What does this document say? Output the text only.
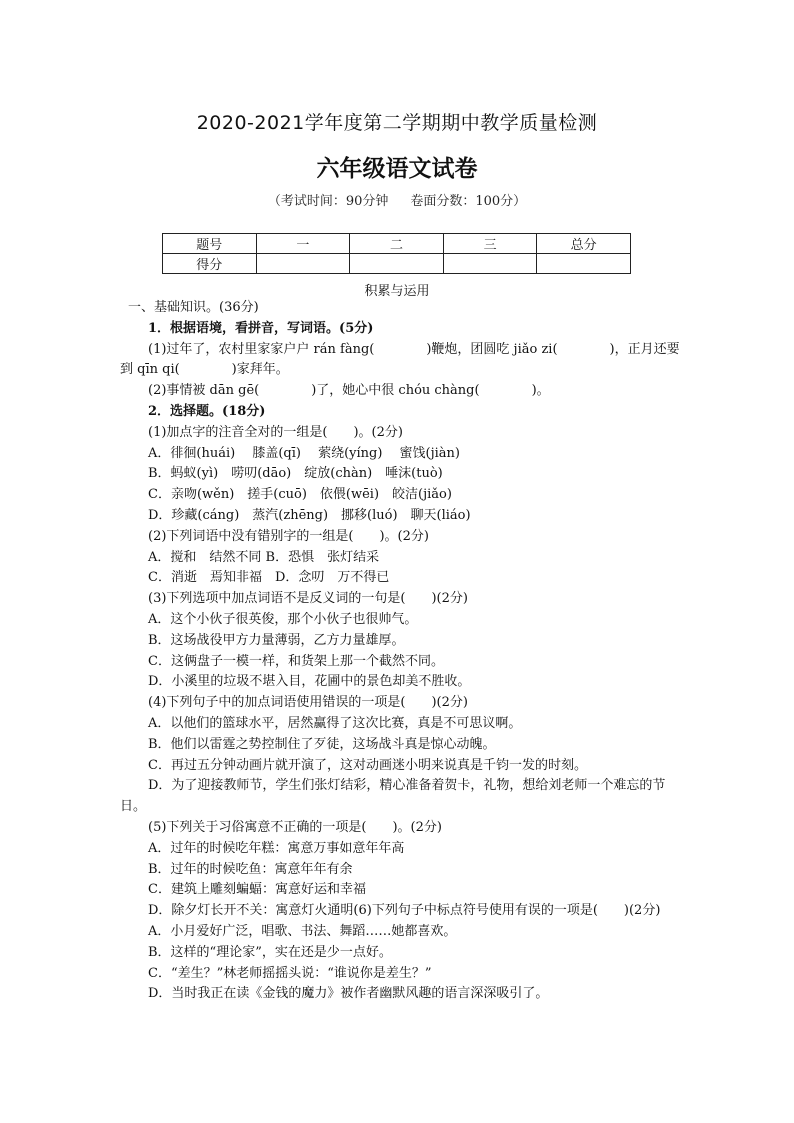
2020-2021学年度第二学期期中教学质量检测
六年级语文试卷
（考试时间：90分钟 卷面分数：100分）
题号	一	二	三	总分
得分				
积累与运用
一、基础知识。(36分)
1．根据语境，看拼音，写词语。(5分)
(1)过年了，农村里家家户户 rán fàng(　　　　)鞭炮，团圆吃 jiǎo zi(　　　　)，正月还要到 qīn qi(　　　　)家拜年。
(2)事情被 dān gē(　　　　)了，她心中很 chóu chàng(　　　　)。
2．选择题。(18分)
(1)加点字的注音全对的一组是(　　)。(2分)
A．徘徊(huái)　 膝盖(qī)　 萦绕(yíng)　 蜜饯(jiàn)
B．蚂蚁(yì)　唠叨(dāo)　绽放(chàn)　唾沫(tuò)
C．亲吻(wěn)　搓手(cuō)　依偎(wēi)　皎洁(jiǎo)
D．珍藏(cáng)　蒸汽(zhēng)　挪移(luó)　聊天(liáo)
(2)下列词语中没有错别字的一组是(　　)。(2分)
A．搅和　结然不同 B．恐惧　张灯结采
C．消逝　焉知非福　D．念叨　万不得已
(3)下列选项中加点词语不是反义词的一句是(　　)(2分)
A．这个小伙子很英俊，那个小伙子也很帅气。
B．这场战役甲方力量薄弱，乙方力量雄厚。
C．这俩盘子一模一样，和货架上那一个截然不同。
D．小溪里的垃圾不堪入目，花圃中的景色却美不胜收。
(4)下列句子中的加点词语使用错误的一项是(　　)(2分)
A．以他们的篮球水平，居然赢得了这次比赛，真是不可思议啊。
B．他们以雷霆之势控制住了歹徒，这场战斗真是惊心动魄。
C．再过五分钟动画片就开演了，这对动画迷小明来说真是千钧一发的时刻。
D．为了迎接教师节，学生们张灯结彩，精心准备着贺卡，礼物，想给刘老师一个难忘的节日。
(5)下列关于习俗寓意不正确的一项是(　　)。(2分)
A．过年的时候吃年糕：寓意万事如意年年高
B．过年的时候吃鱼：寓意年年有余
C．建筑上雕刻蝙蝠：寓意好运和幸福
D．除夕灯长开不关：寓意灯火通明(6)下列句子中标点符号使用有误的一项是(　　)(2分)
A．小月爱好广泛，唱歌、书法、舞蹈……她都喜欢。
B．这样的“理论家”，实在还是少一点好。
C．“差生？”林老师摇摇头说：“谁说你是差生？”
D．当时我正在读《金钱的魔力》被作者幽默风趣的语言深深吸引了。
